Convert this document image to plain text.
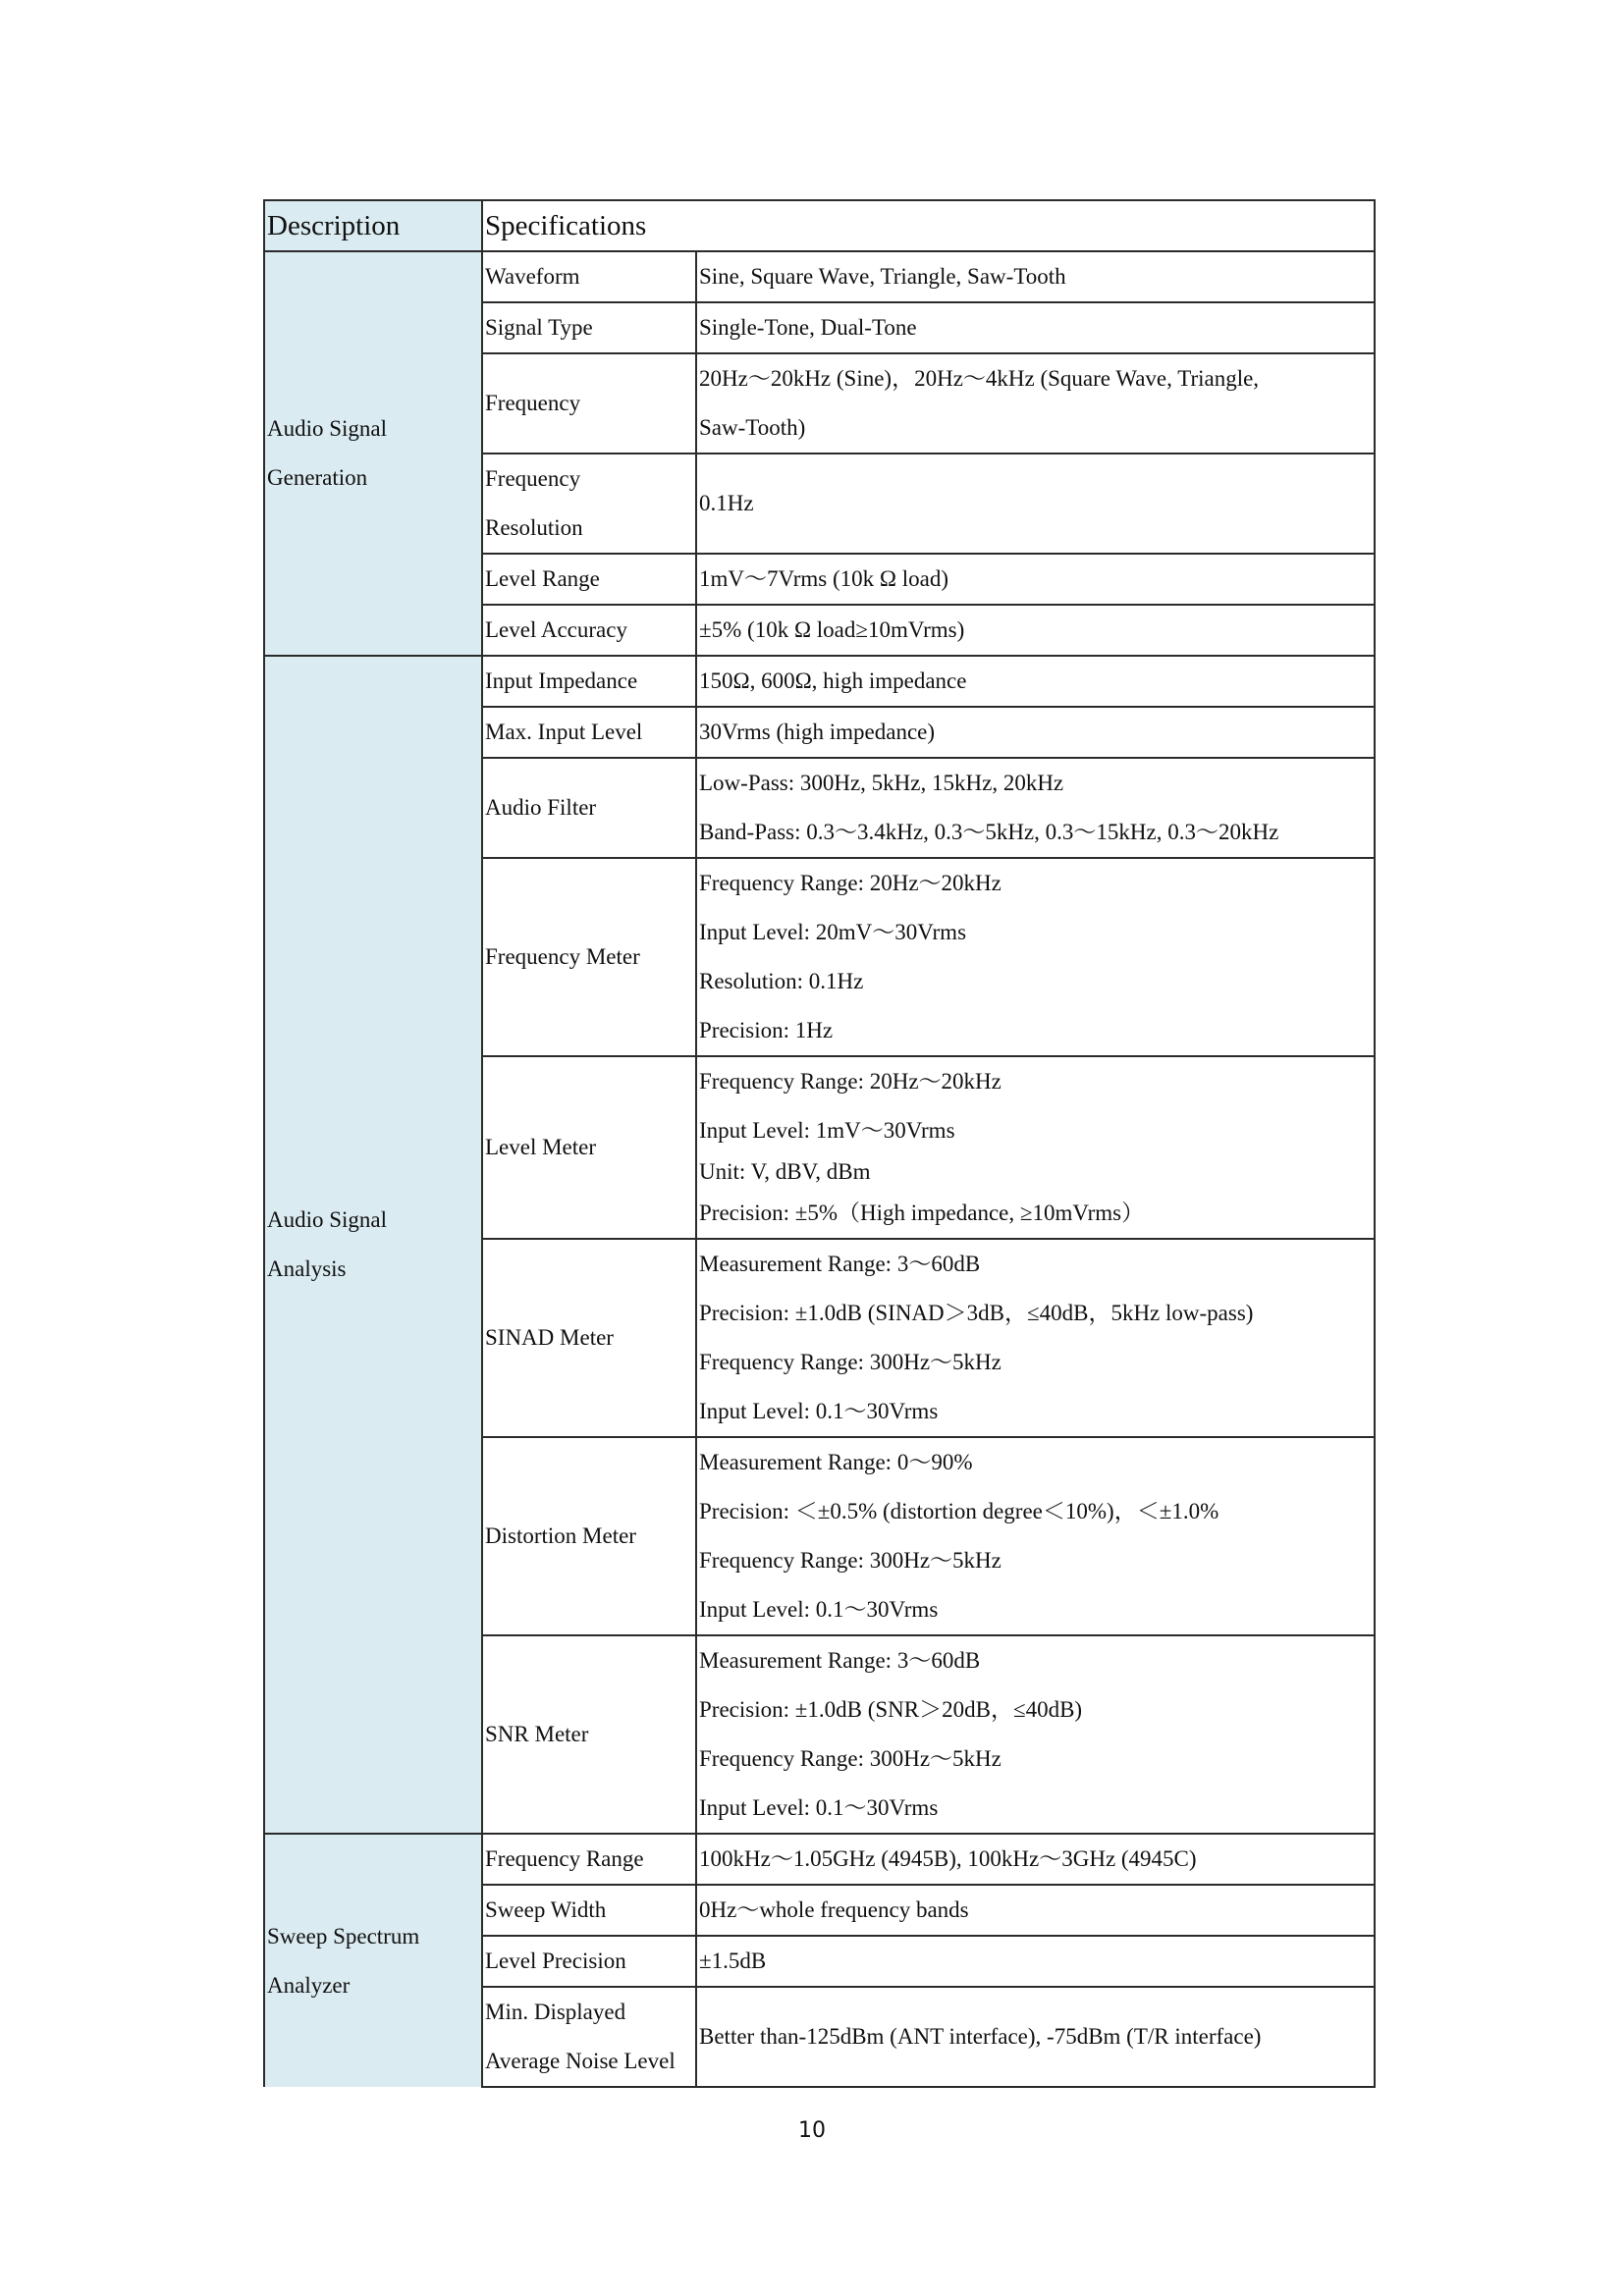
Description	Specifications	

Audio Signal
Generation	Waveform	Sine, Square Wave, Triangle, Saw-Tooth

	Signal Type	Single-Tone, Dual-Tone

	Frequency	20Hz～20kHz (Sine)，20Hz～4kHz (Square Wave, Triangle,
Saw-Tooth)

	Frequency
Resolution	0.1Hz

	Level Range	1mV～7Vrms (10k Ω load)

	Level Accuracy	±5% (10k Ω load≥10mVrms)

Audio Signal
Analysis	Input Impedance	150Ω, 600Ω, high impedance

	Max. Input Level	30Vrms (high impedance)

	Audio Filter	Low-Pass: 300Hz, 5kHz, 15kHz, 20kHz
Band-Pass: 0.3～3.4kHz, 0.3～5kHz, 0.3～15kHz, 0.3～20kHz

	Frequency Meter	Frequency Range: 20Hz～20kHz
Input Level: 20mV～30Vrms
Resolution: 0.1Hz
Precision: 1Hz

	Level Meter	Frequency Range: 20Hz～20kHz
Input Level: 1mV～30Vrms
Unit: V, dBV, dBm
Precision: ±5%（High impedance, ≥10mVrms）

	SINAD Meter	Measurement Range: 3～60dB
Precision: ±1.0dB (SINAD＞3dB，≤40dB，5kHz low-pass)
Frequency Range: 300Hz～5kHz
Input Level: 0.1～30Vrms

	Distortion Meter	Measurement Range: 0～90%
Precision: ＜±0.5% (distortion degree＜10%)，＜±1.0%
Frequency Range: 300Hz～5kHz
Input Level: 0.1～30Vrms

	SNR Meter	Measurement Range: 3～60dB
Precision: ±1.0dB (SNR＞20dB，≤40dB)
Frequency Range: 300Hz～5kHz
Input Level: 0.1～30Vrms

Sweep Spectrum
Analyzer	Frequency Range	100kHz～1.05GHz (4945B), 100kHz～3GHz (4945C)

	Sweep Width	0Hz～whole frequency bands

	Level Precision	±1.5dB

	Min. Displayed
Average Noise Level	Better than-125dBm (ANT interface), -75dBm (T/R interface)
10
